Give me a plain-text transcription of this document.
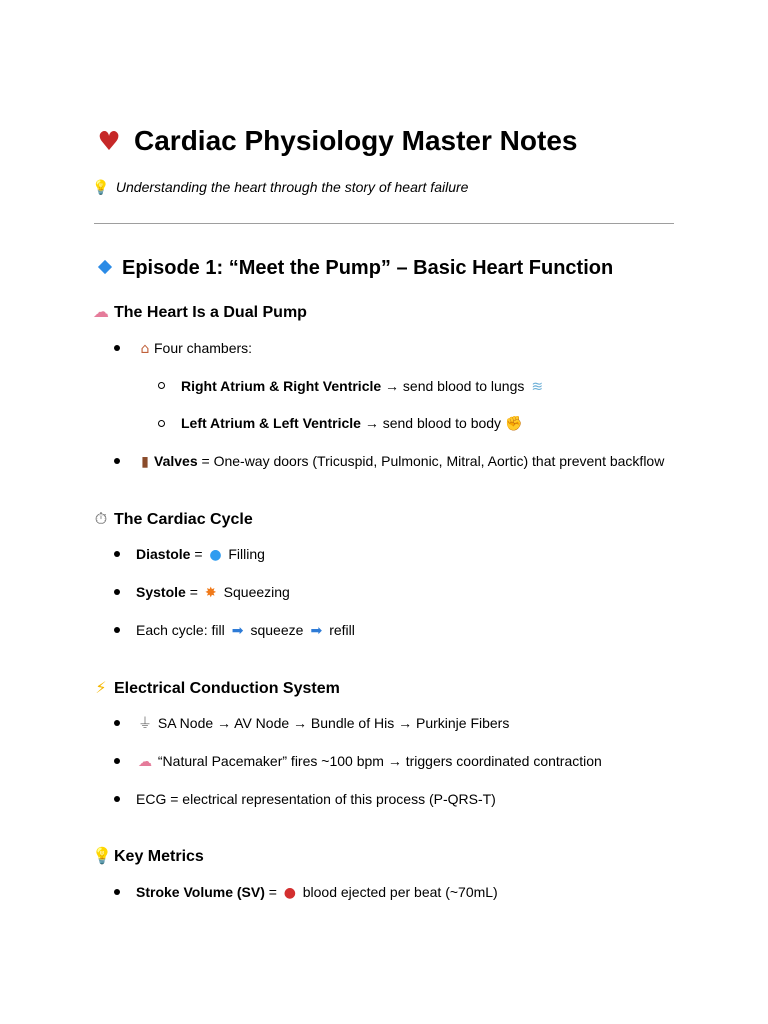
♥ Cardiac Physiology Master Notes
💡 Understanding the heart through the story of heart failure
Episode 1: “Meet the Pump” – Basic Heart Function
☁ The Heart Is a Dual Pump
⌂ Four chambers:
Right Atrium & Right Ventricle → send blood to lungs ≋
Left Atrium & Left Ventricle → send blood to body ✊
▮ Valves = One-way doors (Tricuspid, Pulmonic, Mitral, Aortic) that prevent backflow
⏱ The Cardiac Cycle
Diastole = ● Filling
Systole = ✸ Squeezing
Each cycle: fill ➡ squeeze ➡ refill
⚡ Electrical Conduction System
⏚ SA Node → AV Node → Bundle of His → Purkinje Fibers
☁ “Natural Pacemaker” fires ~100 bpm → triggers coordinated contraction
ECG = electrical representation of this process (P-QRS-T)
💡 Key Metrics
Stroke Volume (SV) = ● blood ejected per beat (~70mL)
